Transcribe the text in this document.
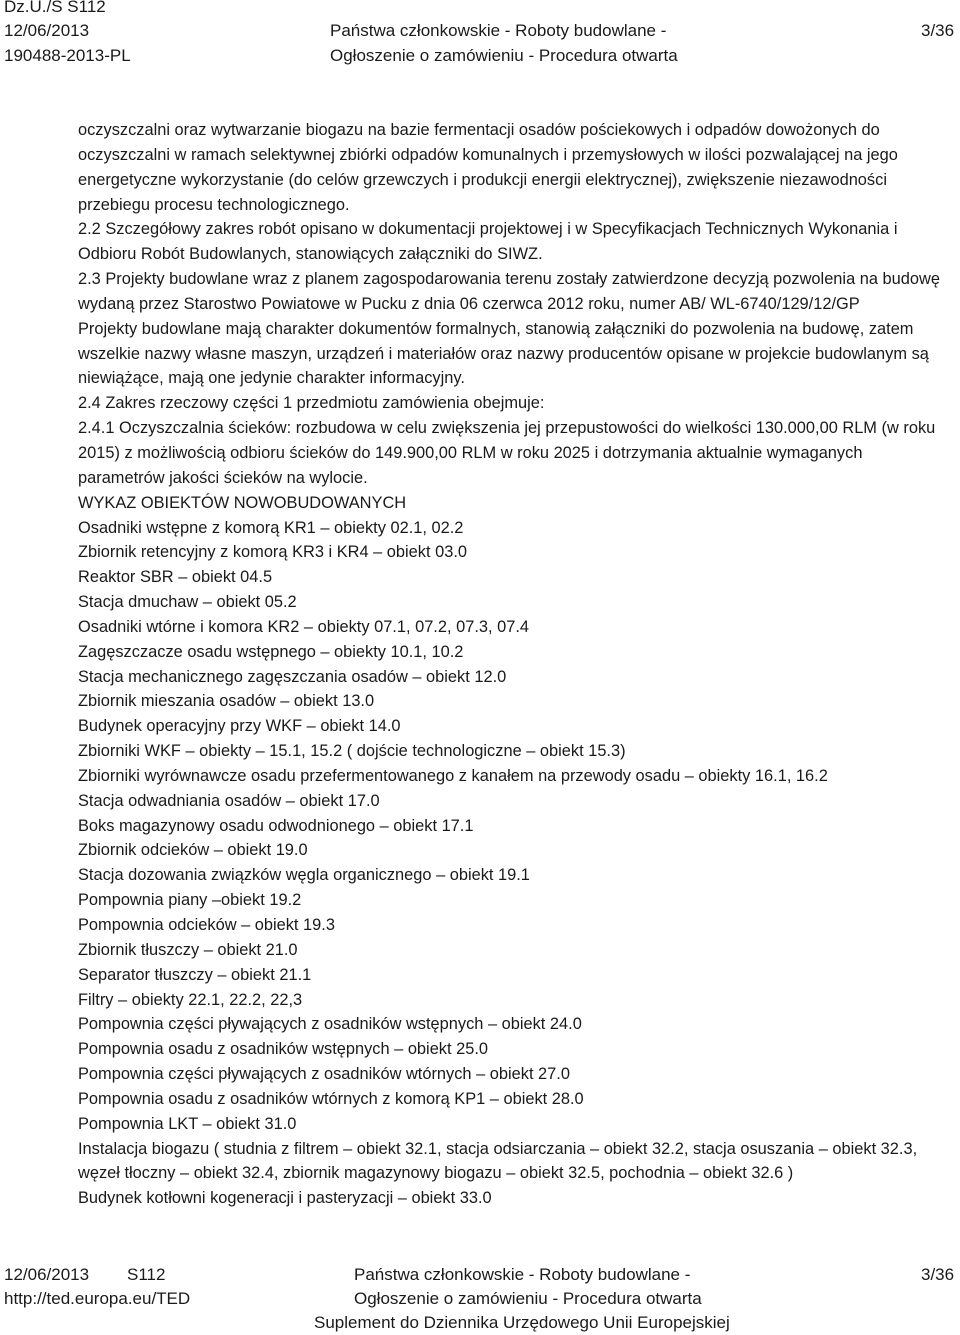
Dz.U./S S112
12/06/2013
190488-2013-PL
Państwa członkowskie - Roboty budowlane -
Ogłoszenie o zamówieniu - Procedura otwarta
3/36

oczyszczalni oraz wytwarzanie biogazu na bazie fermentacji osadów pościekowych i odpadów dowożonych do oczyszczalni w ramach selektywnej zbiórki odpadów komunalnych i przemysłowych w ilości pozwalającej na jego energetyczne wykorzystanie (do celów grzewczych i produkcji energii elektrycznej), zwiększenie niezawodności przebiegu procesu technologicznego.

2.2 Szczegółowy zakres robót opisano w dokumentacji projektowej i w Specyfikacjach Technicznych Wykonania i Odbioru Robót Budowlanych, stanowiących załączniki do SIWZ.

2.3 Projekty budowlane wraz z planem zagospodarowania terenu zostały zatwierdzone decyzją pozwolenia na budowę wydaną przez Starostwo Powiatowe w Pucku z dnia 06 czerwca 2012 roku, numer AB/ WL-6740/129/12/GP

Projekty budowlane mają charakter dokumentów formalnych, stanowią załączniki do pozwolenia na budowę, zatem wszelkie nazwy własne maszyn, urządzeń i materiałów oraz nazwy producentów opisane w projekcie budowlanym są niewiążące, mają one jedynie charakter informacyjny.

2.4 Zakres rzeczowy części 1 przedmiotu zamówienia obejmuje:

2.4.1 Oczyszczalnia ścieków: rozbudowa w celu zwiększenia jej przepustowości do wielkości 130.000,00 RLM (w roku 2015) z możliwością odbioru ścieków do 149.900,00 RLM w roku 2025 i dotrzymania aktualnie wymaganych parametrów jakości ścieków na wylocie.

WYKAZ OBIEKTÓW NOWOBUDOWANYCH

Osadniki wstępne z komorą KR1 – obiekty 02.1, 02.2

Zbiornik retencyjny z komorą KR3 i KR4 – obiekt 03.0

Reaktor SBR – obiekt 04.5

Stacja dmuchaw – obiekt 05.2

Osadniki wtórne i komora KR2 – obiekty 07.1, 07.2, 07.3, 07.4

Zagęszczacze osadu wstępnego – obiekty 10.1, 10.2

Stacja mechanicznego zagęszczania osadów – obiekt 12.0

Zbiornik mieszania osadów – obiekt 13.0

Budynek operacyjny przy WKF – obiekt 14.0

Zbiorniki WKF – obiekty – 15.1, 15.2 ( dojście technologiczne – obiekt 15.3)

Zbiorniki wyrównawcze osadu przefermentowanego z kanałem na przewody osadu – obiekty 16.1, 16.2

Stacja odwadniania osadów – obiekt 17.0

Boks magazynowy osadu odwodnionego – obiekt 17.1

Zbiornik odcieków – obiekt 19.0

Stacja dozowania związków węgla organicznego – obiekt 19.1

Pompownia piany –obiekt 19.2

Pompownia odcieków – obiekt 19.3

Zbiornik tłuszczy – obiekt 21.0

Separator tłuszczy – obiekt 21.1

Filtry – obiekty 22.1, 22.2, 22,3

Pompownia części pływających z osadników wstępnych – obiekt 24.0

Pompownia osadu z osadników wstępnych – obiekt 25.0

Pompownia części pływających z osadników wtórnych – obiekt 27.0

Pompownia osadu z osadników wtórnych z komorą KP1 – obiekt 28.0

Pompownia LKT – obiekt 31.0

Instalacja biogazu ( studnia z filtrem – obiekt 32.1, stacja odsiarczania – obiekt 32.2, stacja osuszania – obiekt 32.3, węzeł tłoczny – obiekt 32.4, zbiornik magazynowy biogazu – obiekt 32.5, pochodnia – obiekt 32.6 )

Budynek kotłowni kogeneracji i pasteryzacji – obiekt 33.0

12/06/2013 S112
http://ted.europa.eu/TED
Państwa członkowskie - Roboty budowlane -
Ogłoszenie o zamówieniu - Procedura otwarta
Suplement do Dziennika Urzędowego Unii Europejskiej
3/36
